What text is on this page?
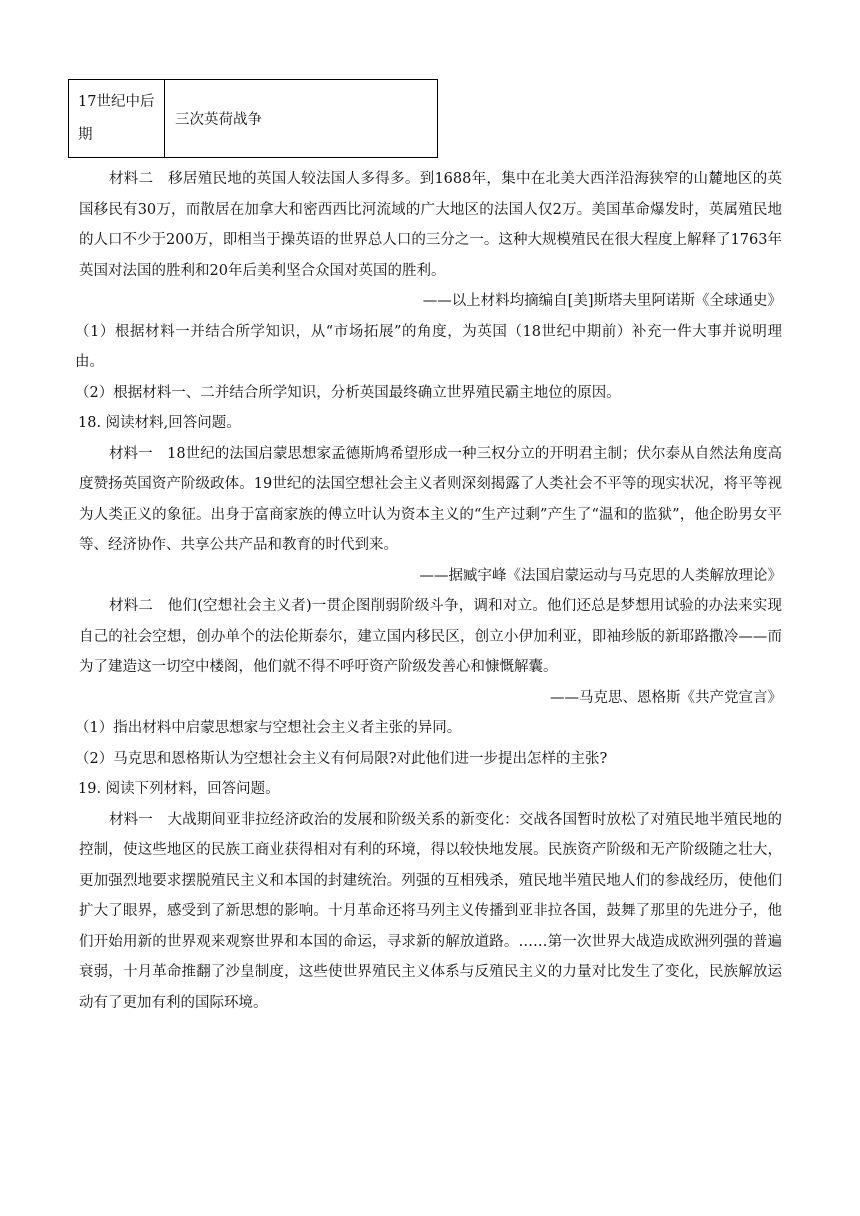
17世纪中后期	三次英荷战争

材料二　移居殖民地的英国人较法国人多得多。到1688年，集中在北美大西洋沿海狭窄的山麓地区的英国移民有30万，而散居在加拿大和密西西比河流域的广大地区的法国人仅2万。美国革命爆发时，英属殖民地的人口不少于200万，即相当于操英语的世界总人口的三分之一。这种大规模殖民在很大程度上解释了1763年英国对法国的胜利和20年后美利坚合众国对英国的胜利。

——以上材料均摘编自[美]斯塔夫里阿诺斯《全球通史》

（1）根据材料一并结合所学知识，从“市场拓展”的角度，为英国（18世纪中期前）补充一件大事并说明理由。

（2）根据材料一、二并结合所学知识，分析英国最终确立世界殖民霸主地位的原因。

18. 阅读材料,回答问题。

材料一　18世纪的法国启蒙思想家孟德斯鸠希望形成一种三权分立的开明君主制；伏尔泰从自然法角度高度赞扬英国资产阶级政体。19世纪的法国空想社会主义者则深刻揭露了人类社会不平等的现实状况，将平等视为人类正义的象征。出身于富商家族的傅立叶认为资本主义的“生产过剩”产生了“温和的监狱”，他企盼男女平等、经济协作、共享公共产品和教育的时代到来。

——据臧宇峰《法国启蒙运动与马克思的人类解放理论》

材料二　他们(空想社会主义者)一贯企图削弱阶级斗争，调和对立。他们还总是梦想用试验的办法来实现自己的社会空想，创办单个的法伦斯泰尔，建立国内移民区，创立小伊加利亚，即袖珍版的新耶路撒冷——而为了建造这一切空中楼阁，他们就不得不呼吁资产阶级发善心和慷慨解囊。

——马克思、恩格斯《共产党宣言》

（1）指出材料中启蒙思想家与空想社会主义者主张的异同。

（2）马克思和恩格斯认为空想社会主义有何局限?对此他们进一步提出怎样的主张?

19. 阅读下列材料，回答问题。

材料一　大战期间亚非拉经济政治的发展和阶级关系的新变化：交战各国暂时放松了对殖民地半殖民地的控制，使这些地区的民族工商业获得相对有利的环境，得以较快地发展。民族资产阶级和无产阶级随之壮大，更加强烈地要求摆脱殖民主义和本国的封建统治。列强的互相残杀，殖民地半殖民地人们的参战经历，使他们扩大了眼界，感受到了新思想的影响。十月革命还将马列主义传播到亚非拉各国，鼓舞了那里的先进分子，他们开始用新的世界观来观察世界和本国的命运，寻求新的解放道路。……第一次世界大战造成欧洲列强的普遍衰弱，十月革命推翻了沙皇制度，这些使世界殖民主义体系与反殖民主义的力量对比发生了变化，民族解放运动有了更加有利的国际环境。
